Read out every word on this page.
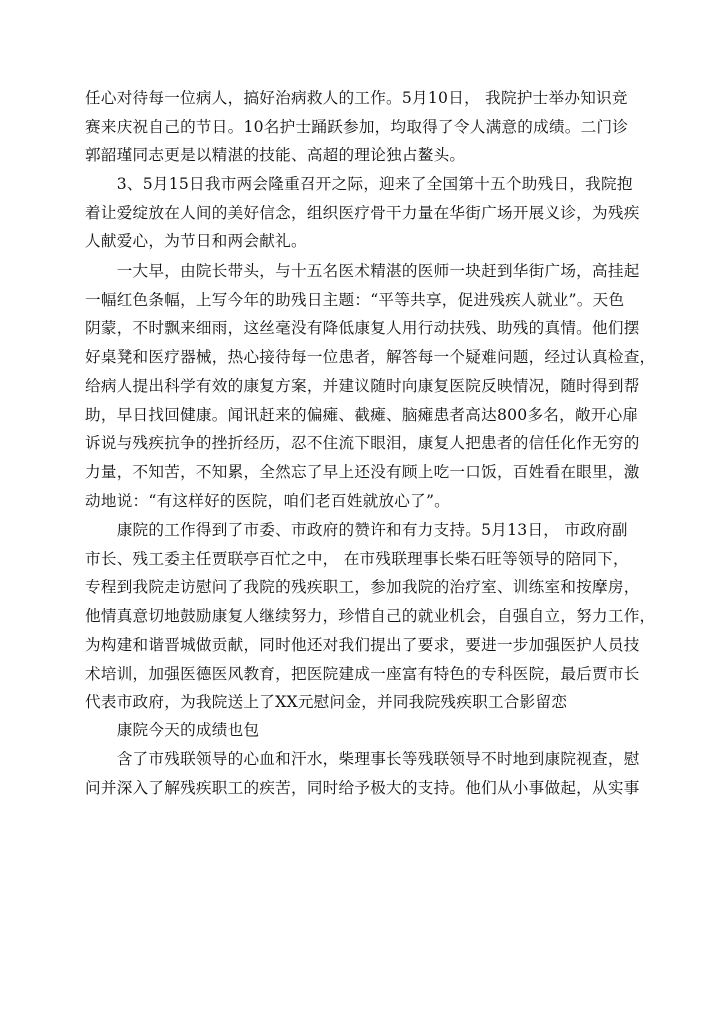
任心对待每一位病人，搞好治病救人的工作。5月10日， 我院护士举办知识竞
赛来庆祝自己的节日。10名护士踊跃参加，均取得了令人满意的成绩。二门诊
郭韶瑾同志更是以精湛的技能、高超的理论独占鳌头。
　　3、5月15日我市两会隆重召开之际，迎来了全国第十五个助残日，我院抱
着让爱绽放在人间的美好信念，组织医疗骨干力量在华街广场开展义诊，为残疾
人献爱心，为节日和两会献礼。
　　一大早，由院长带头，与十五名医术精湛的医师一块赶到华街广场，高挂起
一幅红色条幅，上写今年的助残日主题：“平等共享，促进残疾人就业”。天色
阴蒙，不时飘来细雨，这丝毫没有降低康复人用行动扶残、助残的真情。他们摆
好桌凳和医疗器械，热心接待每一位患者，解答每一个疑难问题，经过认真检查，
给病人提出科学有效的康复方案，并建议随时向康复医院反映情况，随时得到帮
助，早日找回健康。闻讯赶来的偏瘫、截瘫、脑瘫患者高达800多名，敞开心扉
诉说与残疾抗争的挫折经历，忍不住流下眼泪，康复人把患者的信任化作无穷的
力量，不知苦，不知累，全然忘了早上还没有顾上吃一口饭，百姓看在眼里，激
动地说：“有这样好的医院，咱们老百姓就放心了”。
　　康院的工作得到了市委、市政府的赞许和有力支持。5月13日， 市政府副
市长、残工委主任贾联亭百忙之中， 在市残联理事长柴石旺等领导的陪同下，
专程到我院走访慰问了我院的残疾职工，参加我院的治疗室、训练室和按摩房，
他情真意切地鼓励康复人继续努力，珍惜自己的就业机会，自强自立，努力工作，
为构建和谐晋城做贡献，同时他还对我们提出了要求，要进一步加强医护人员技
术培训，加强医德医风教育，把医院建成一座富有特色的专科医院，最后贾市长
代表市政府，为我院送上了XX元慰问金，并同我院残疾职工合影留恋
　　康院今天的成绩也包
　　含了市残联领导的心血和汗水，柴理事长等残联领导不时地到康院视查，慰
问并深入了解残疾职工的疾苦，同时给予极大的支持。他们从小事做起，从实事
